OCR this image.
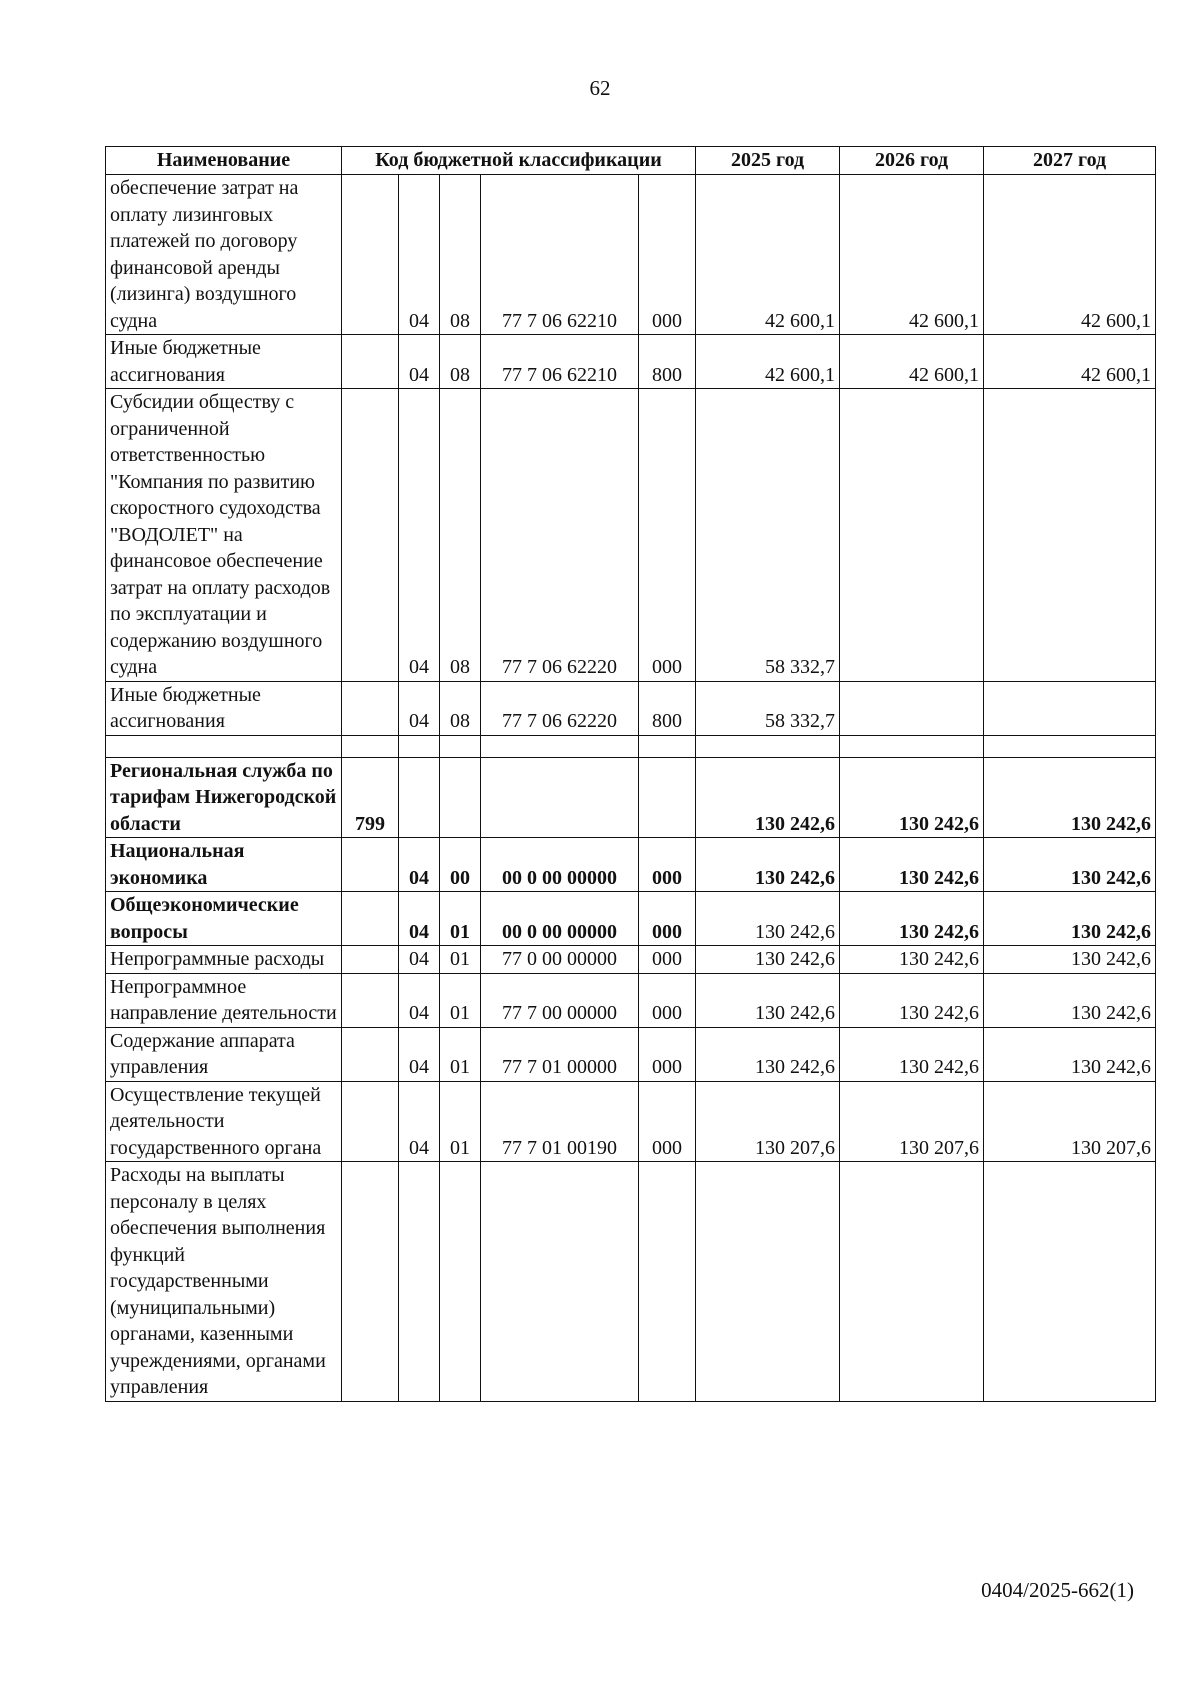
62
Наименование	Код бюджетной классификации					2025 год	2026 год	2027 год
обеспечение затрат на оплату лизинговых платежей по договору финансовой аренды (лизинга) воздушного судна		04	08	77 7 06 62210	000	42 600,1	42 600,1	42 600,1
Иные бюджетные ассигнования		04	08	77 7 06 62210	800	42 600,1	42 600,1	42 600,1
Субсидии обществу с ограниченной ответственностью "Компания по развитию скоростного судоходства "ВОДОЛЕТ" на финансовое обеспечение затрат на оплату расходов по эксплуатации и содержанию воздушного судна		04	08	77 7 06 62220	000	58 332,7		
Иные бюджетные ассигнования		04	08	77 7 06 62220	800	58 332,7		

Региональная служба по тарифам Нижегородской области	799					130 242,6	130 242,6	130 242,6
Национальная экономика		04	00	00 0 00 00000	000	130 242,6	130 242,6	130 242,6
Общеэкономические вопросы		04	01	00 0 00 00000	000	130 242,6	130 242,6	130 242,6
Непрограммные расходы		04	01	77 0 00 00000	000	130 242,6	130 242,6	130 242,6
Непрограммное направление деятельности		04	01	77 7 00 00000	000	130 242,6	130 242,6	130 242,6
Содержание аппарата управления		04	01	77 7 01 00000	000	130 242,6	130 242,6	130 242,6
Осуществление текущей деятельности государственного органа		04	01	77 7 01 00190	000	130 207,6	130 207,6	130 207,6
Расходы на выплаты персоналу в целях обеспечения выполнения функций государственными (муниципальными) органами, казенными учреждениями, органами управления								
0404/2025-662(1)
